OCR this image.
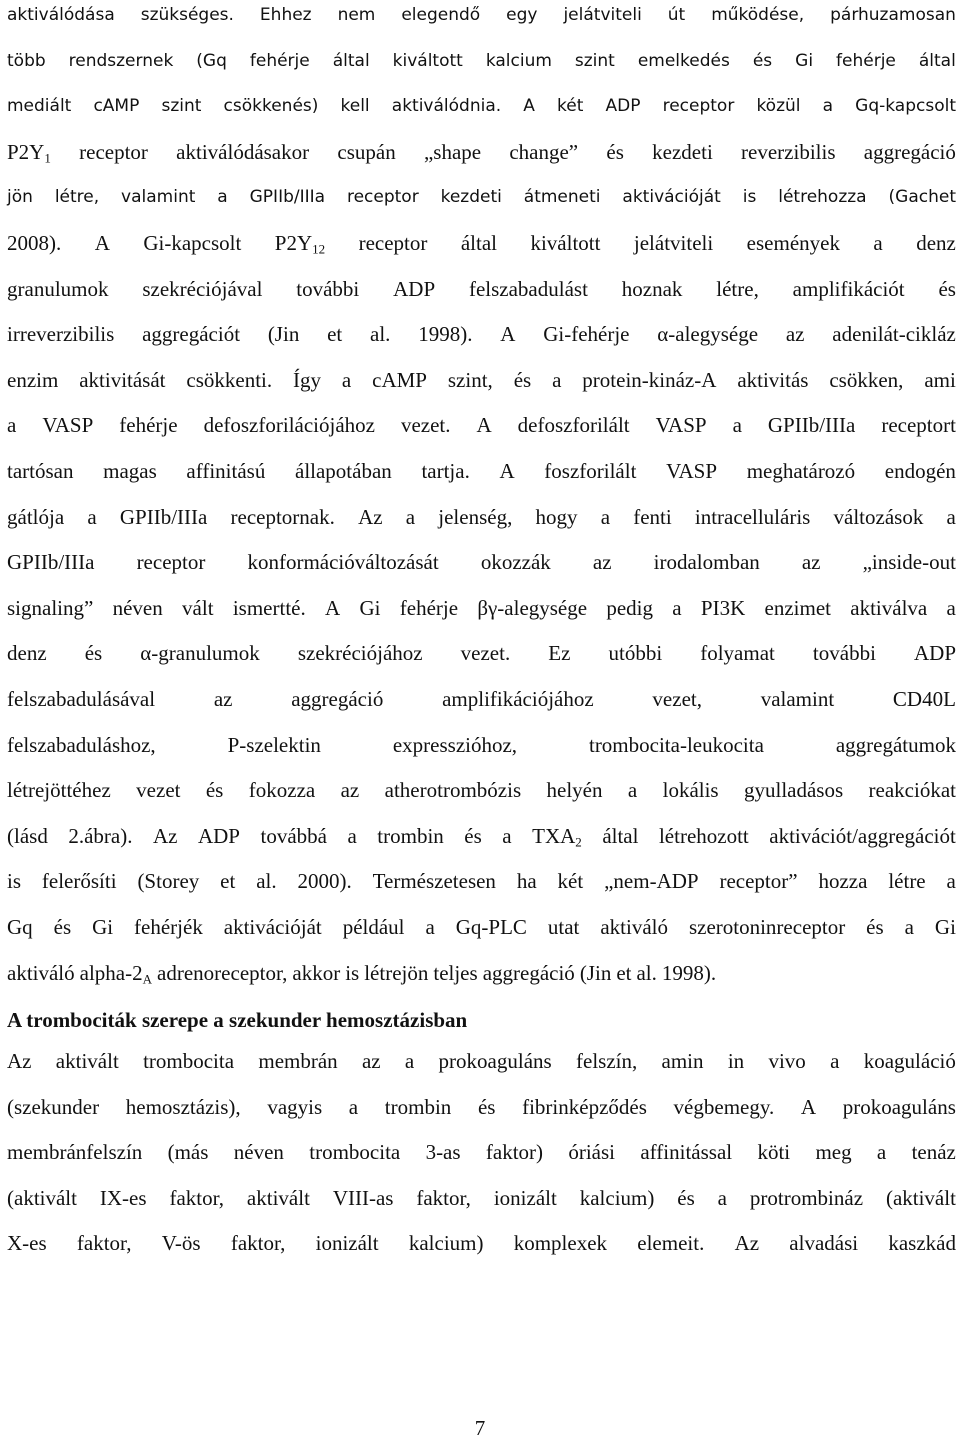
aktiválódása szükséges. Ehhez nem elegendő egy jelátviteli út működése, párhuzamosan
több rendszernek (Gq fehérje által kiváltott kalcium szint emelkedés és Gi fehérje által
mediált cAMP szint csökkenés) kell aktiválódnia. A két ADP receptor közül a Gq-kapcsolt
$P2Y_1$ receptor aktiválódásakor csupán „shape change” és kezdeti reverzibilis aggregáció
jön létre, valamint a GPIIb/IIIa receptor kezdeti átmeneti aktivációját is létrehozza (Gachet
2008). A Gi-kapcsolt $P2Y_{12}$ receptor által kiváltott jelátviteli események a denz
granulumok szekréciójával további ADP felszabadulást hoznak létre, amplifikációt és
irreverzibilis aggregációt (Jin et al. 1998). A Gi-fehérje α-alegysége az adenilát-cikláz
enzim aktivitását csökkenti. Így a cAMP szint, és a protein-kináz-A aktivitás csökken, ami
a VASP fehérje defoszforilációjához vezet. A defoszforilált VASP a GPIIb/IIIa receptort
tartósan magas affinitású állapotában tartja. A foszforilált VASP meghatározó endogén
gátlója a GPIIb/IIIa receptornak. Az a jelenség, hogy a fenti intracelluláris változások a
GPIIb/IIIa receptor konformációváltozását okozzák az irodalomban az „inside-out
signaling” néven vált ismertté. A Gi fehérje βγ-alegysége pedig a PI3K enzimet aktiválva a
denz és α-granulumok szekréciójához vezet. Ez utóbbi folyamat további ADP
felszabadulásával	az	aggregáció	amplifikációjához	vezet,	valamint	CD40L
felszabaduláshoz,	P-szelektin	expresszióhoz,	trombocita-leukocita	aggregátumok
létrejöttéhez vezet és fokozza az atherotrombózis helyén a lokális gyulladásos reakciókat
(lásd 2.ábra). Az ADP továbbá a trombin és a $TXA_2$ által létrehozott aktivációt/aggregációt
is felerősíti (Storey et al. 2000). Természetesen ha két „nem-ADP receptor” hozza létre a
Gq és Gi fehérjék aktivációját például a Gq-PLC utat aktiváló szerotoninreceptor és a Gi
aktiváló alpha-$2_A$ adrenoreceptor, akkor is létrejön teljes aggregáció (Jin et al. 1998).
A trombociták szerepe a szekunder hemosztázisban
Az aktivált trombocita membrán az a prokoaguláns felszín, amin in vivo a koaguláció
(szekunder hemosztázis), vagyis a trombin és fibrinképződés végbemegy. A prokoaguláns
membránfelszín (más néven trombocita 3-as faktor) óriási affinitással köti meg a tenáz
(aktivált IX-es faktor, aktivált VIII-as faktor, ionizált kalcium) és a protrombináz (aktivált
X-es faktor, V-ös faktor, ionizált kalcium) komplexek elemeit. Az alvadási kaszkád
7
